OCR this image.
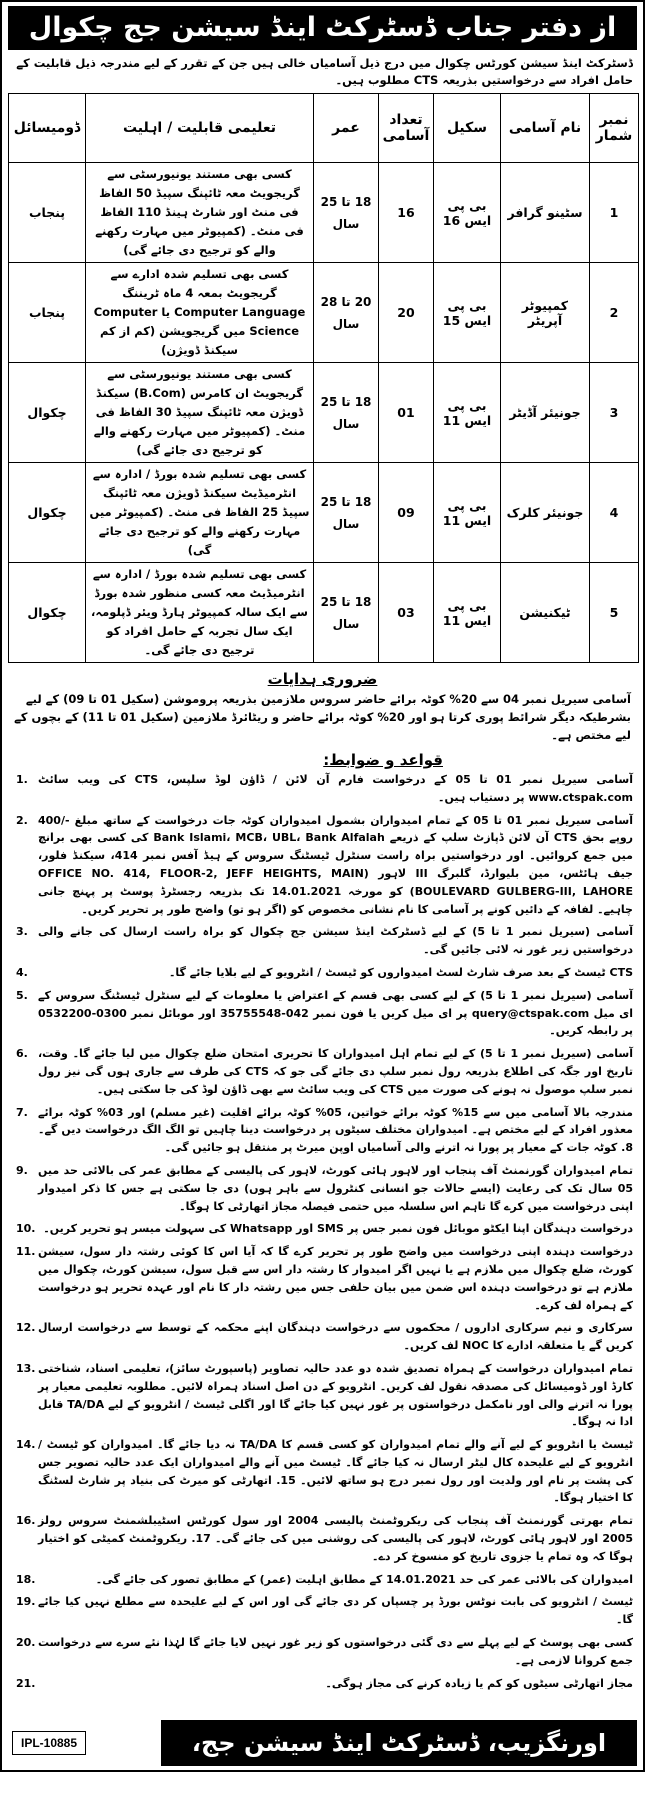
از دفتر جناب ڈسٹرکٹ اینڈ سیشن جج چکوال
ڈسٹرکٹ اینڈ سیشن کورٹس چکوال میں درج ذیل آسامیاں خالی ہیں جن کے تقرر کے لیے مندرجہ ذیل قابلیت کے حامل افراد سے درخواستیں بذریعہ CTS مطلوب ہیں۔
نمبر شمار	نام آسامی	سکیل	تعداد آسامی	عمر	تعلیمی قابلیت / اہلیت	ڈومیسائل
1	سٹینو گرافر	بی پی ایس 16	16	18 تا 25 سال	کسی بھی مستند یونیورسٹی سے گریجویٹ معہ ٹائپنگ سپیڈ 50 الفاظ فی منٹ اور شارٹ ہینڈ 110 الفاظ فی منٹ۔ (کمپیوٹر میں مہارت رکھنے والے کو ترجیح دی جائے گی)	پنجاب
2	کمپیوٹر آپریٹر	بی پی ایس 15	20	20 تا 28 سال	کسی بھی تسلیم شدہ ادارے سے گریجویٹ بمعہ 4 ماہ ٹریننگ Computer Language یا Computer Science میں گریجویشن (کم از کم سیکنڈ ڈویژن)	پنجاب
3	جونیئر آڈیٹر	بی پی ایس 11	01	18 تا 25 سال	کسی بھی مستند یونیورسٹی سے گریجویٹ ان کامرس (B.Com) سیکنڈ ڈویژن معہ ٹائپنگ سپیڈ 30 الفاظ فی منٹ۔ (کمپیوٹر میں مہارت رکھنے والے کو ترجیح دی جائے گی)	چکوال
4	جونیئر کلرک	بی پی ایس 11	09	18 تا 25 سال	کسی بھی تسلیم شدہ بورڈ / ادارہ سے انٹرمیڈیٹ سیکنڈ ڈویژن معہ ٹائپنگ سپیڈ 25 الفاظ فی منٹ۔ (کمپیوٹر میں مہارت رکھنے والے کو ترجیح دی جائے گی)	چکوال
5	ٹیکنیشن	بی پی ایس 11	03	18 تا 25 سال	کسی بھی تسلیم شدہ بورڈ / ادارہ سے انٹرمیڈیٹ معہ کسی منظور شدہ بورڈ سے ایک سالہ کمپیوٹر ہارڈ ویئر ڈپلومہ، ایک سال تجربہ کے حامل افراد کو ترجیح دی جائے گی۔	چکوال
ضروری ہدایات
آسامی سیریل نمبر 04 سے 20% کوٹہ برائے حاضر سروس ملازمین بذریعہ پروموشن (سکیل 01 تا 09) کے لیے بشرطیکہ دیگر شرائط پوری کرتا ہو اور 20% کوٹہ برائے حاضر و ریٹائرڈ ملازمین (سکیل 01 تا 11) کے بچوں کے لیے مختص ہے۔
قواعد و ضوابط:
1. آسامی سیریل نمبر 01 تا 05 کے درخواست فارم آن لائن / ڈاؤن لوڈ سلپس، CTS کی ویب سائٹ www.ctspak.com پر دستیاب ہیں۔
2. آسامی سیریل نمبر 01 تا 05 کے تمام امیدواران بشمول امیدواران کوٹہ جات درخواست کے ساتھ مبلغ -/400 روپے بحق CTS آن لائن ڈپازٹ سلپ کے ذریعے Bank Islami، MCB، UBL، Bank Alfalah کی کسی بھی برانچ میں جمع کروائیں۔ اور درخواستیں براہ راست سنٹرل ٹیسٹنگ سروس کے ہیڈ آفس نمبر 414، سیکنڈ فلور، جیف ہائٹس، مین بلیوارڈ، گلبرگ III لاہور (OFFICE NO. 414, FLOOR-2, JEFF HEIGHTS, MAIN BOULEVARD GULBERG-III, LAHORE) کو مورخہ 14.01.2021 تک بذریعہ رجسٹرڈ پوسٹ پر پہنچ جانی چاہیے۔ لفافہ کے دائیں کونے پر آسامی کا نام نشانی مخصوص کو (اگر ہو تو) واضح طور پر تحریر کریں۔
3. آسامی (سیریل نمبر 1 تا 5) کے لیے ڈسٹرکٹ اینڈ سیشن جج چکوال کو براہ راست ارسال کی جانے والی درخواستیں زیر غور نہ لائی جائیں گی۔
4.	CTS ٹیسٹ کے بعد صرف شارٹ لسٹ امیدواروں کو ٹیسٹ / انٹرویو کے لیے بلایا جائے گا۔
5. آسامی (سیریل نمبر 1 تا 5) کے لیے کسی بھی قسم کے اعتراض یا معلومات کے لیے سنٹرل ٹیسٹنگ سروس کے ای میل query@ctspak.com پر ای میل کریں یا فون نمبر 042-35755548 اور موبائل نمبر 0300-0532200 پر رابطہ کریں۔
6. آسامی (سیریل نمبر 1 تا 5) کے لیے تمام اہل امیدواران کا تحریری امتحان ضلع چکوال میں لیا جائے گا۔ وقت، تاریخ اور جگہ کی اطلاع بذریعہ رول نمبر سلپ دی جائے گی جو کہ CTS کی طرف سے جاری ہوں گی نیز رول نمبر سلپ موصول نہ ہونے کی صورت میں CTS کی ویب سائٹ سے بھی ڈاؤن لوڈ کی جا سکتی ہیں۔
7. مندرجہ بالا آسامی میں سے 15% کوٹہ برائے خواتین، 05% کوٹہ برائے اقلیت (غیر مسلم) اور 03% کوٹہ برائے معذور افراد کے لیے مختص ہے۔ امیدواران مختلف سیٹوں پر درخواست دینا چاہیں تو الگ الگ درخواست دیں گے۔ 8. کوٹہ جات کے معیار پر پورا نہ اترنے والی آسامیاں اوپن میرٹ پر منتقل ہو جائیں گی۔
9. تمام امیدواران گورنمنٹ آف پنجاب اور لاہور ہائی کورٹ، لاہور کی پالیسی کے مطابق عمر کی بالائی حد میں 05 سال تک کی رعایت (ایسے حالات جو انسانی کنٹرول سے باہر ہوں) دی جا سکتی ہے جس کا ذکر امیدوار اپنی درخواست میں کرے گا تاہم اس سلسلہ میں حتمی فیصلہ مجاز اتھارٹی کا ہوگا۔
10. درخواست دہندگان اپنا ایکٹو موبائل فون نمبر جس پر SMS اور Whatsapp کی سہولت میسر ہو تحریر کریں۔
11. درخواست دہندہ اپنی درخواست میں واضح طور پر تحریر کرے گا کہ آیا اس کا کوئی رشتہ دار سول، سیشن کورٹ، ضلع چکوال میں ملازم ہے یا نہیں اگر امیدوار کا رشتہ دار اس سے قبل سول، سیشن کورٹ، چکوال میں ملازم ہے تو درخواست دہندہ اس ضمن میں بیان حلفی جس میں رشتہ دار کا نام اور عہدہ تحریر ہو درخواست کے ہمراہ لف کرے۔
12. سرکاری و نیم سرکاری اداروں / محکموں سے درخواست دہندگان اپنے محکمہ کے توسط سے درخواست ارسال کریں گے یا متعلقہ ادارے کا NOC لف کریں۔
13. تمام امیدواران درخواست کے ہمراہ تصدیق شدہ دو عدد حالیہ تصاویر (پاسپورٹ سائز)، تعلیمی اسناد، شناختی کارڈ اور ڈومیسائل کی مصدقہ نقول لف کریں۔ انٹرویو کے دن اصل اسناد ہمراہ لائیں۔ مطلوبہ تعلیمی معیار پر پورا نہ اترنے والی اور نامکمل درخواستوں پر غور نہیں کیا جائے گا اور اگلی ٹیسٹ / انٹرویو کے لیے TA/DA قابل ادا نہ ہوگا۔
14. ٹیسٹ یا انٹرویو کے لیے آنے والے تمام امیدواران کو کسی قسم کا TA/DA نہ دیا جائے گا۔ امیدواران کو ٹیسٹ / انٹرویو کے لیے علیحدہ کال لیٹر ارسال نہ کیا جائے گا۔ ٹیسٹ میں آنے والے امیدواران ایک عدد حالیہ تصویر جس کی پشت پر نام اور ولدیت اور رول نمبر درج ہو ساتھ لائیں۔ 15. اتھارٹی کو میرٹ کی بنیاد پر شارٹ لسٹنگ کا اختیار ہوگا۔
16. تمام بھرتی گورنمنٹ آف پنجاب کی ریکروٹمنٹ پالیسی 2004 اور سول کورٹس اسٹیبلشمنٹ سروس رولز 2005 اور لاہور ہائی کورٹ، لاہور کی پالیسی کی روشنی میں کی جائے گی۔ 17. ریکروٹمنٹ کمیٹی کو اختیار ہوگا کہ وہ تمام یا جزوی تاریخ کو منسوخ کر دے۔
18.	امیدواران کی بالائی عمر کی حد 14.01.2021 کے مطابق اہلیت (عمر) کے مطابق تصور کی جائے گی۔
19. ٹیسٹ / انٹرویو کی بابت نوٹس بورڈ پر چسپاں کر دی جائے گی اور اس کے لیے علیحدہ سے مطلع نہیں کیا جائے گا۔
20. کسی بھی پوسٹ کے لیے پہلے سے دی گئی درخواستوں کو زیر غور نہیں لایا جائے گا لہٰذا نئے سرے سے درخواست جمع کروانا لازمی ہے۔
21.	مجاز اتھارٹی سیٹوں کو کم یا زیادہ کرنے کی مجاز ہوگی۔
IPL-10885	اورنگزیب، ڈسٹرکٹ اینڈ سیشن جج، چکوال
